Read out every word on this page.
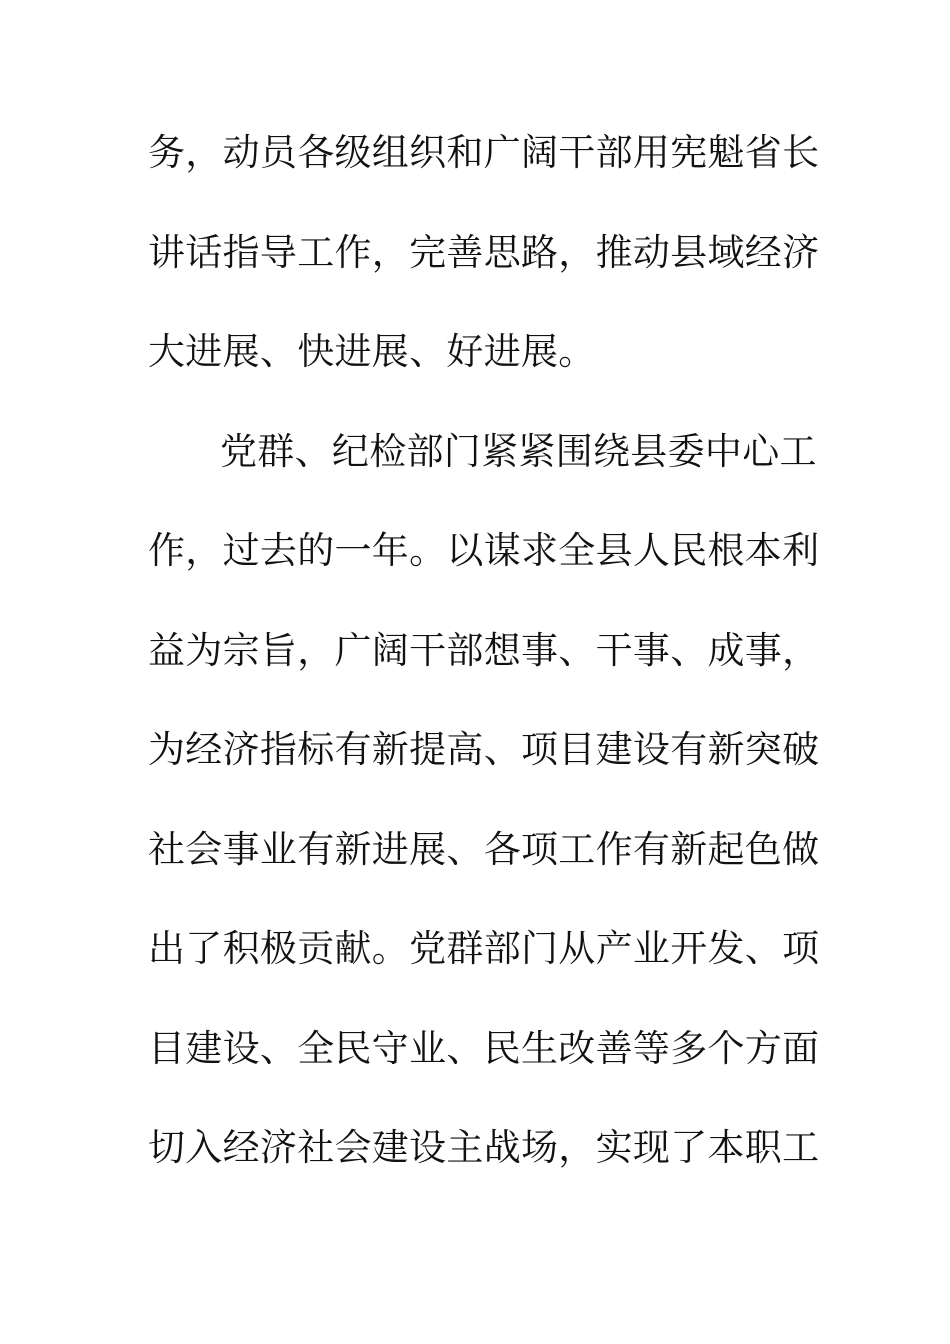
务，动员各级组织和广阔干部用宪魁省长
讲话指导工作，完善思路，推动县域经济
大进展、快进展、好进展。
党群、纪检部门紧紧围绕县委中心工
作，过去的一年。以谋求全县人民根本利
益为宗旨，广阔干部想事、干事、成事，
为经济指标有新提高、项目建设有新突破
社会事业有新进展、各项工作有新起色做
出了积极贡献。党群部门从产业开发、项
目建设、全民守业、民生改善等多个方面
切入经济社会建设主战场，实现了本职工
